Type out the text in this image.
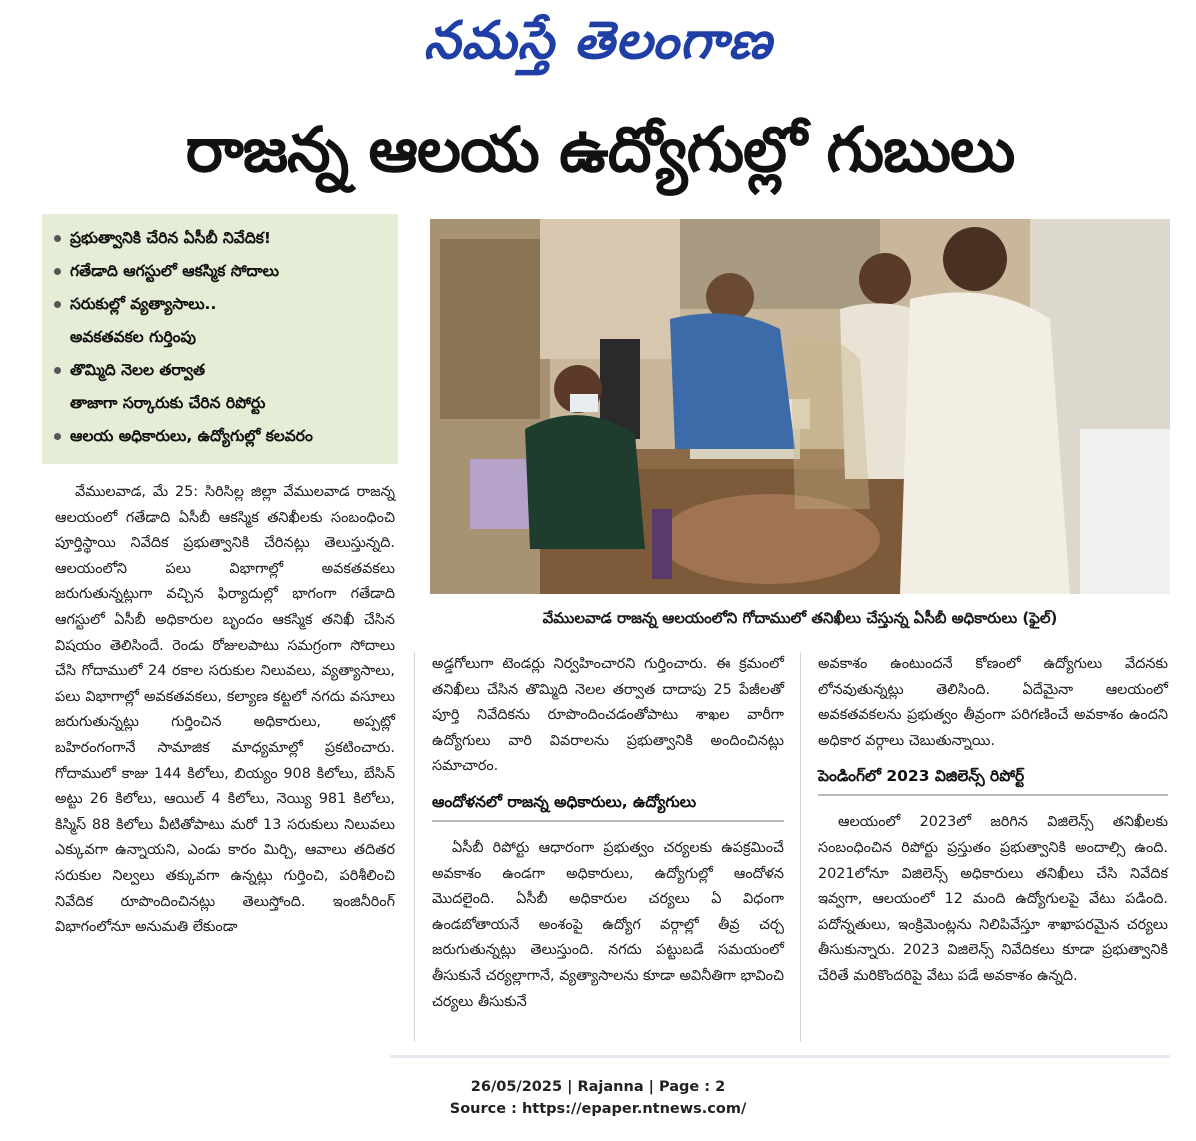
నమస్తే తెలంగాణ
రాజన్న ఆలయ ఉద్యోగుల్లో గుబులు
ప్రభుత్వానికి చేరిన ఏసీబీ నివేదిక!
గతేడాది ఆగస్టులో ఆకస్మిక సోదాలు
సరుకుల్లో వ్యత్యాసాలు..
అవకతవకల గుర్తింపు
తొమ్మిది నెలల తర్వాత
తాజాగా సర్కారుకు చేరిన రిపోర్టు
ఆలయ అధికారులు, ఉద్యోగుల్లో కలవరం
వేములవాడ రాజన్న ఆలయంలోని గోదాములో తనిఖీలు చేస్తున్న ఏసీబీ అధికారులు (ఫైల్)

వేములవాడ, మే 25: సిరిసిల్ల జిల్లా వేములవాడ రాజన్న ఆలయంలో గతేడాది ఏసీబీ ఆకస్మిక తనిఖీలకు సంబంధించి పూర్తిస్థాయి నివేదిక ప్రభుత్వానికి చేరినట్లు తెలుస్తున్నది. ఆలయంలోని పలు విభాగాల్లో అవకతవకలు జరుగుతున్నట్లుగా వచ్చిన ఫిర్యాదుల్లో భాగంగా గతేడాది ఆగస్టులో ఏసీబీ అధికారుల బృందం ఆకస్మిక తనిఖీ చేసిన విషయం తెలిసిందే. రెండు రోజులపాటు సమగ్రంగా సోదాలు చేసి గోదాములో 24 రకాల సరుకుల నిలువలు, వ్యత్యాసాలు, పలు విభాగాల్లో అవకతవకలు, కల్యాణ కట్టలో నగదు వసూలు జరుగుతున్నట్లు గుర్తించిన అధికారులు, అప్పట్లో బహిరంగంగానే సామాజిక మాధ్యమాల్లో ప్రకటించారు. గోదాములో కాజు 144 కిలోలు, బియ్యం 908 కిలోలు, బేసిన్ అట్టు 26 కిలోలు, ఆయిల్ 4 కిలోలు, నెయ్యి 981 కిలోలు, కిస్మిస్ 88 కిలోలు వీటితోపాటు మరో 13 సరుకులు నిలువలు ఎక్కువగా ఉన్నాయని, ఎండు కారం మిర్చి, ఆవాలు తదితర సరుకుల నిల్వలు తక్కువగా ఉన్నట్లు గుర్తించి, పరిశీలించి నివేదిక రూపొందించినట్లు తెలుస్తోంది. ఇంజినీరింగ్ విభాగంలోనూ అనుమతి లేకుండా

అడ్డగోలుగా టెండర్లు నిర్వహించారని గుర్తించారు. ఈ క్రమంలో తనిఖీలు చేసిన తొమ్మిది నెలల తర్వాత దాదాపు 25 పేజీలతో పూర్తి నివేదికను రూపొందించడంతోపాటు శాఖల వారీగా ఉద్యోగులు వారి వివరాలను ప్రభుత్వానికి అందించినట్లు సమాచారం.

ఆందోళనలో రాజన్న అధికారులు, ఉద్యోగులు

ఏసీబీ రిపోర్టు ఆధారంగా ప్రభుత్వం చర్యలకు ఉపక్రమించే అవకాశం ఉండగా అధికారులు, ఉద్యోగుల్లో ఆందోళన మొదలైంది. ఏసీబీ అధికారుల చర్యలు ఏ విధంగా ఉండబోతాయనే అంశంపై ఉద్యోగ వర్గాల్లో తీవ్ర చర్చ జరుగుతున్నట్లు తెలుస్తుంది. నగదు పట్టుబడే సమయంలో తీసుకునే చర్యల్లాగానే, వ్యత్యాసాలను కూడా అవినీతిగా భావించి చర్యలు తీసుకునే

అవకాశం ఉంటుందనే కోణంలో ఉద్యోగులు వేదనకు లోనవుతున్నట్లు తెలిసింది. ఏదేమైనా ఆలయంలో అవకతవకలను ప్రభుత్వం తీవ్రంగా పరిగణించే అవకాశం ఉందని అధికార వర్గాలు చెబుతున్నాయి.

పెండింగ్‌లో 2023 విజిలెన్స్ రిపోర్ట్

ఆలయంలో 2023లో జరిగిన విజిలెన్స్ తనిఖీలకు సంబంధించిన రిపోర్టు ప్రస్తుతం ప్రభుత్వానికి అందాల్సి ఉంది. 2021లోనూ విజిలెన్స్ అధికారులు తనిఖీలు చేసి నివేదిక ఇవ్వగా, ఆలయంలో 12 మంది ఉద్యోగులపై వేటు పడింది. పదోన్నతులు, ఇంక్రిమెంట్లను నిలిపివేస్తూ శాఖాపరమైన చర్యలు తీసుకున్నారు. 2023 విజిలెన్స్ నివేదికలు కూడా ప్రభుత్వానికి చేరితే మరికొందరిపై వేటు పడే అవకాశం ఉన్నది.

26/05/2025 | Rajanna | Page : 2
Source : https://epaper.ntnews.com/
